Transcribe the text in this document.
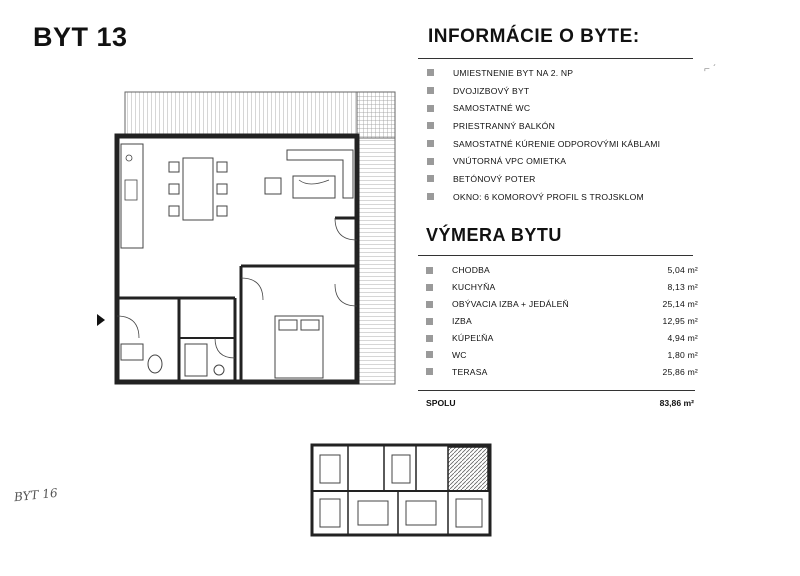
BYT 13	INFORMÁCIE O BYTE:
UMIESTNENIE BYT NA 2. NP
DVOJIZBOVÝ BYT
SAMOSTATNÉ WC
PRIESTRANNÝ BALKÓN
SAMOSTATNÉ KÚRENIE ODPOROVÝMI KÁBLAMI
VNÚTORNÁ VPC OMIETKA
BETÓNOVÝ POTER
OKNO: 6 KOMOROVÝ PROFIL S TROJSKLOM
⌐ ˊ
VÝMERA BYTU
CHODBA	5,04 m²
KUCHYŇA	8,13 m²
OBÝVACIA IZBA + JEDÁLEŇ	25,14 m²
IZBA	12,95 m²
KÚPEĽŇA	4,94 m²
WC	1,80 m²
TERASA	25,86 m²
SPOLU	83,86 m²
BYT 16
